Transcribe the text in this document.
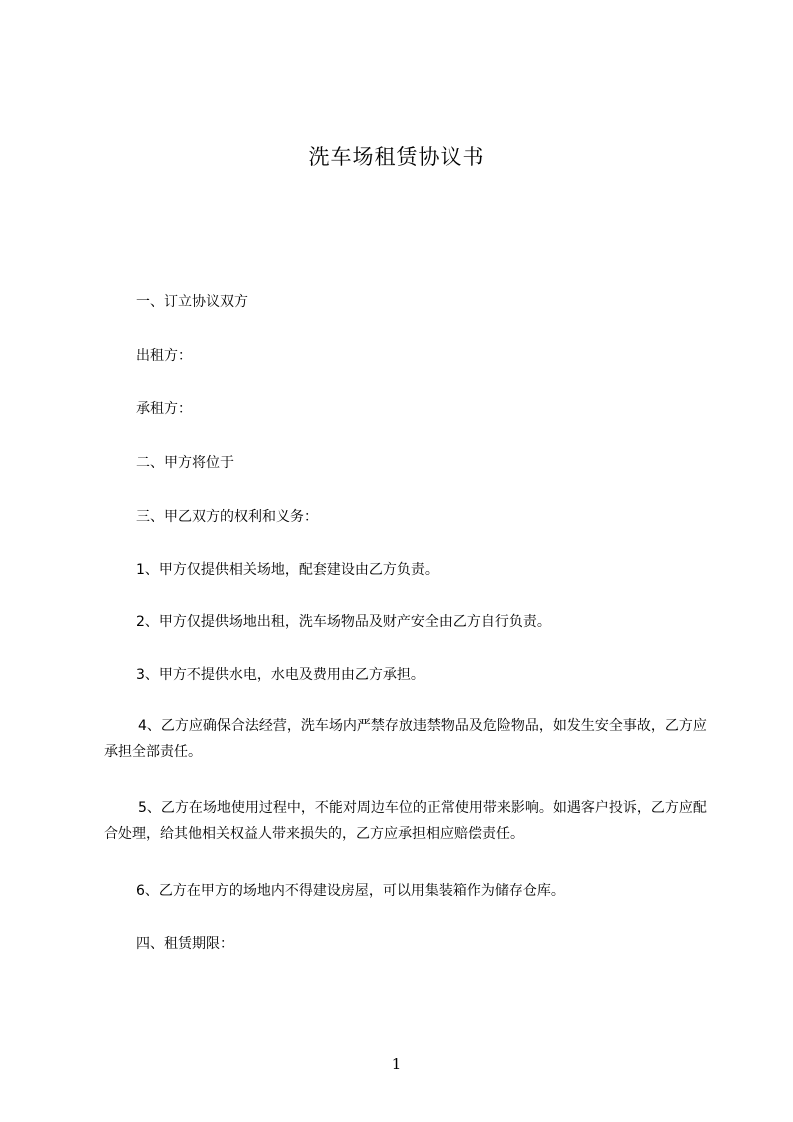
洗车场租赁协议书

一、订立协议双方

出租方：

承租方：

二、甲方将位于

三、甲乙双方的权利和义务：

1、甲方仅提供相关场地，配套建设由乙方负责。

2、甲方仅提供场地出租，洗车场物品及财产安全由乙方自行负责。

3、甲方不提供水电，水电及费用由乙方承担。

4、乙方应确保合法经营，洗车场内严禁存放违禁物品及危险物品，如发生安全事故，乙方应承担全部责任。

5、乙方在场地使用过程中，不能对周边车位的正常使用带来影响。如遇客户投诉，乙方应配合处理，给其他相关权益人带来损失的，乙方应承担相应赔偿责任。

6、乙方在甲方的场地内不得建设房屋，可以用集装箱作为储存仓库。

四、租赁期限：

1
